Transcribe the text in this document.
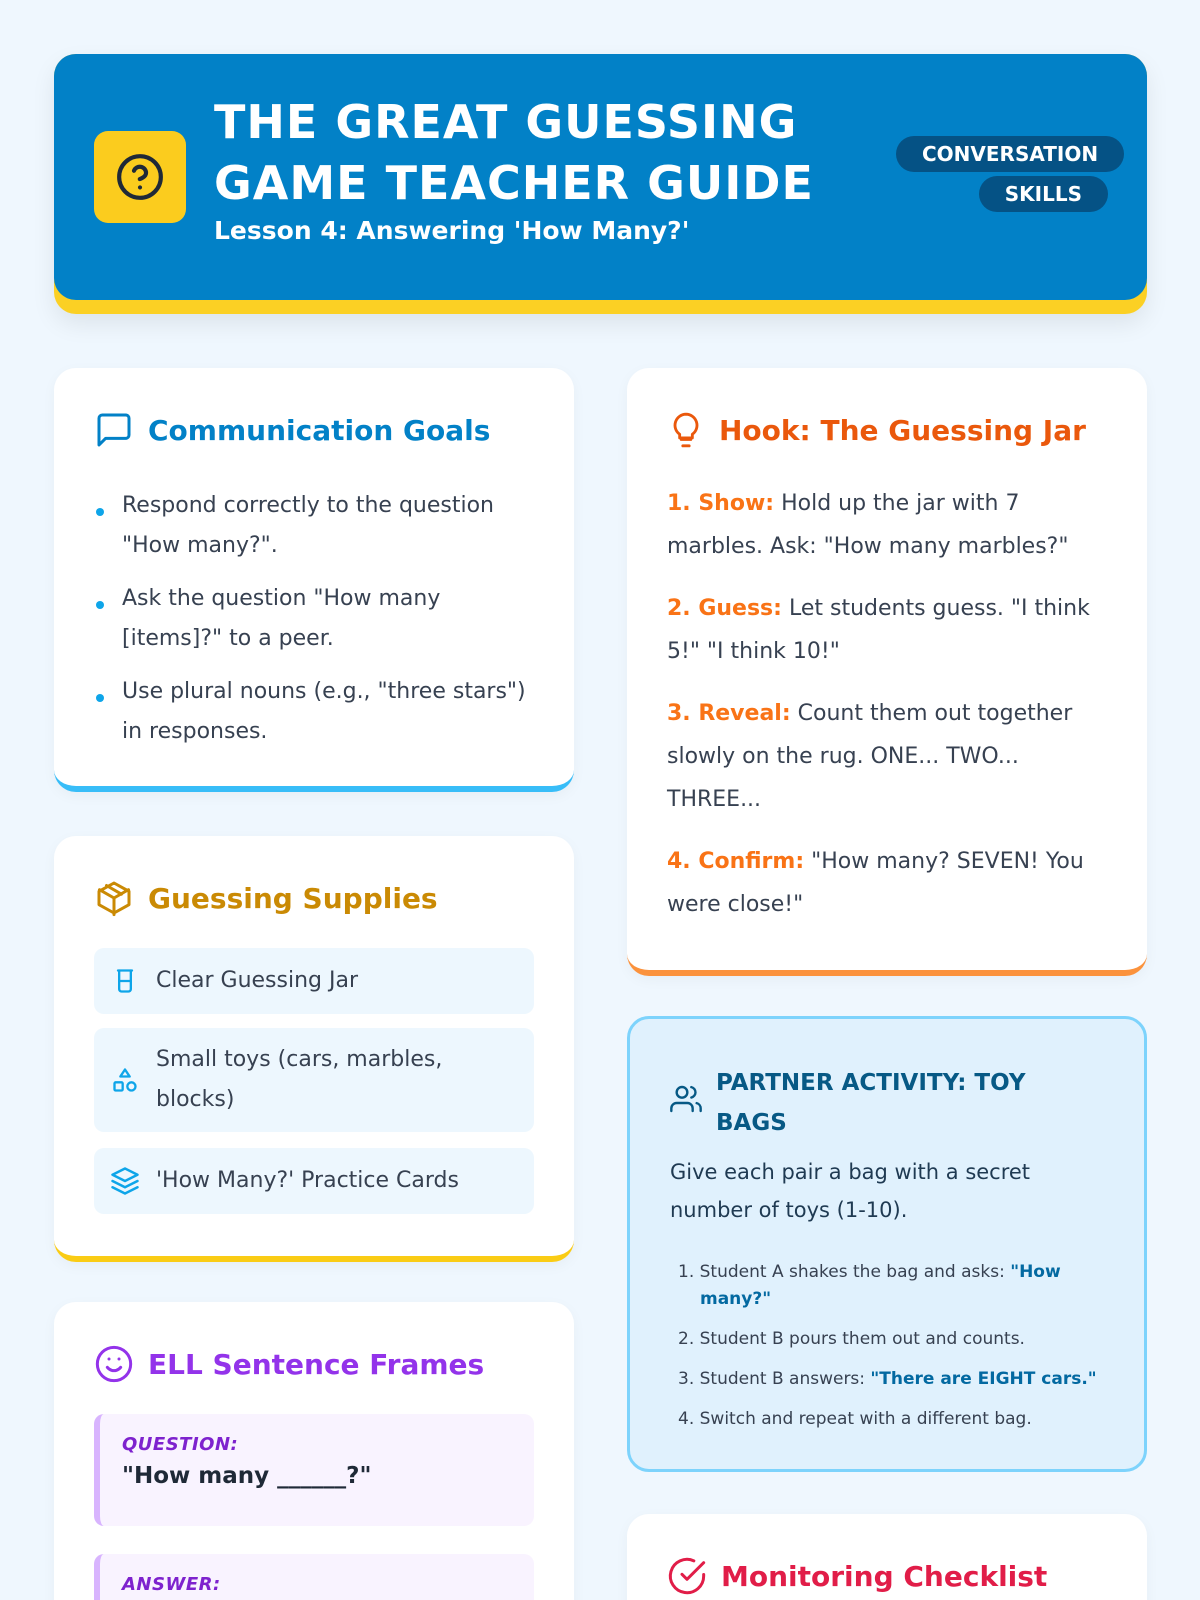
THE GREAT GUESSING GAME TEACHER GUIDE
Lesson 4: Answering 'How Many?'
CONVERSATION SKILLS
Communication Goals
Respond correctly to the question "How many?".
Ask the question "How many [items]?" to a peer.
Use plural nouns (e.g., "three stars") in responses.
Guessing Supplies
Clear Guessing Jar
Small toys (cars, marbles, blocks)
'How Many?' Practice Cards
ELL Sentence Frames
QUESTION:
"How many ______?"
ANSWER:
Hook: The Guessing Jar

1. Show: Hold up the jar with 7 marbles. Ask: "How many marbles?"

2. Guess: Let students guess. "I think 5!" "I think 10!"

3. Reveal: Count them out together slowly on the rug. ONE... TWO... THREE...

4. Confirm: "How many? SEVEN! You were close!"

PARTNER ACTIVITY: TOY BAGS
Give each pair a bag with a secret number of toys (1-10).
1. Student A shakes the bag and asks: "How many?"
2. Student B pours them out and counts.
3. Student B answers: "There are EIGHT cars."
4. Switch and repeat with a different bag.
Monitoring Checklist
